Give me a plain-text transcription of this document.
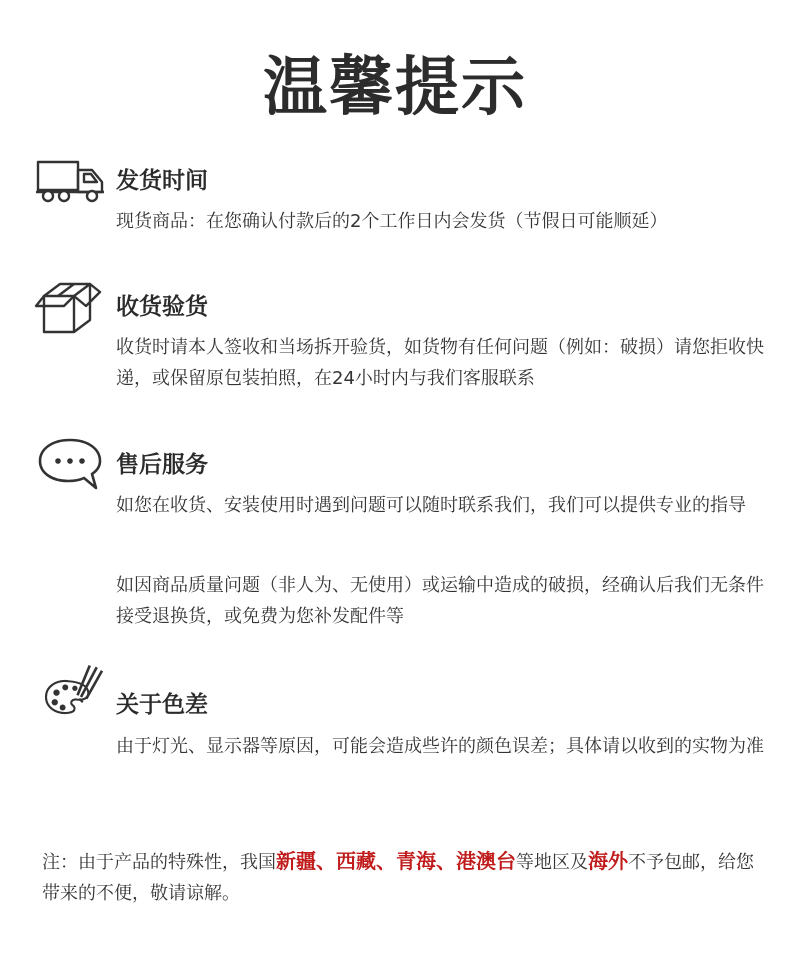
温馨提示
发货时间
现货商品：在您确认付款后的2个工作日内会发货（节假日可能顺延）
收货验货
收货时请本人签收和当场拆开验货，如货物有任何问题（例如：破损）请您拒收快递，或保留原包装拍照，在24小时内与我们客服联系
售后服务
如您在收货、安装使用时遇到问题可以随时联系我们，我们可以提供专业的指导
如因商品质量问题（非人为、无使用）或运输中造成的破损，经确认后我们无条件接受退换货，或免费为您补发配件等
关于色差
由于灯光、显示器等原因，可能会造成些许的颜色误差；具体请以收到的实物为准
注：由于产品的特殊性，我国新疆、西藏、青海、港澳台等地区及海外不予包邮，给您带来的不便，敬请谅解。
